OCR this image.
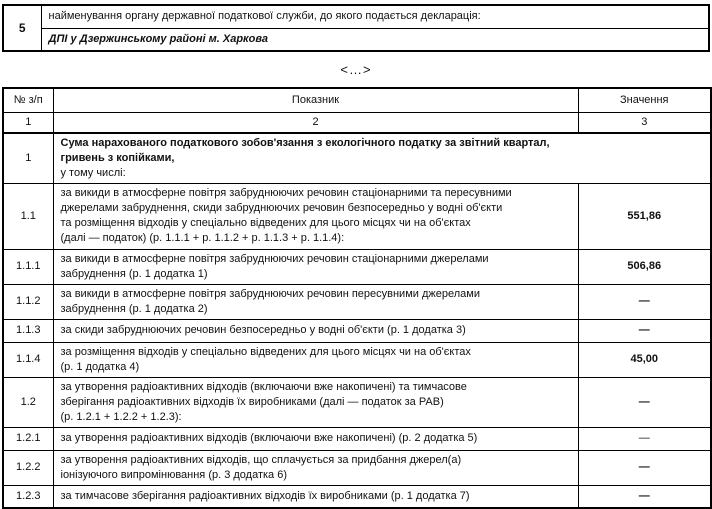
5	найменування органу державної податкової служби, до якого подається декларація:
ДПІ у Дзержинському районі м. Харкова
<…>
№ з/п	Показник	Значення
1	2	3
1	Сума нарахованого податкового зобов'язання з екологічного податку за звітний квартал,
гривень з копійками,
у тому числі:	

1.1	за викиди в атмосферне повітря забруднюючих речовин стаціонарними та пересувними
джерелами забруднення, скиди забруднюючих речовин безпосередньо у водні об'єкти
та розміщення відходів у спеціально відведених для цього місцях чи на об'єктах
(далі — податок) (р. 1.1.1 + р. 1.1.2 + р. 1.1.3 + р. 1.1.4):	551,86
1.1.1	за викиди в атмосферне повітря забруднюючих речовин стаціонарними джерелами
забруднення (р. 1 додатка 1)	506,86
1.1.2	за викиди в атмосферне повітря забруднюючих речовин пересувними джерелами
забруднення (р. 1 додатка 2)	—
1.1.3	за скиди забруднюючих речовин безпосередньо у водні об'єкти (р. 1 додатка 3)	—
1.1.4	за розміщення відходів у спеціально відведених для цього місцях чи на об'єктах
(р. 1 додатка 4)	45,00
1.2	за утворення радіоактивних відходів (включаючи вже накопичені) та тимчасове
зберігання радіоактивних відходів їх виробниками (далі — податок за РАВ)
(р. 1.2.1 + 1.2.2 + 1.2.3):	—
1.2.1	за утворення радіоактивних відходів (включаючи вже накопичені) (р. 2 додатка 5)	—
1.2.2	за утворення радіоактивних відходів, що сплачується за придбання джерел(а)
іонізуючого випромінювання (р. 3 додатка 6)	—
1.2.3	за тимчасове зберігання радіоактивних відходів їх виробниками (р. 1 додатка 7)	—
